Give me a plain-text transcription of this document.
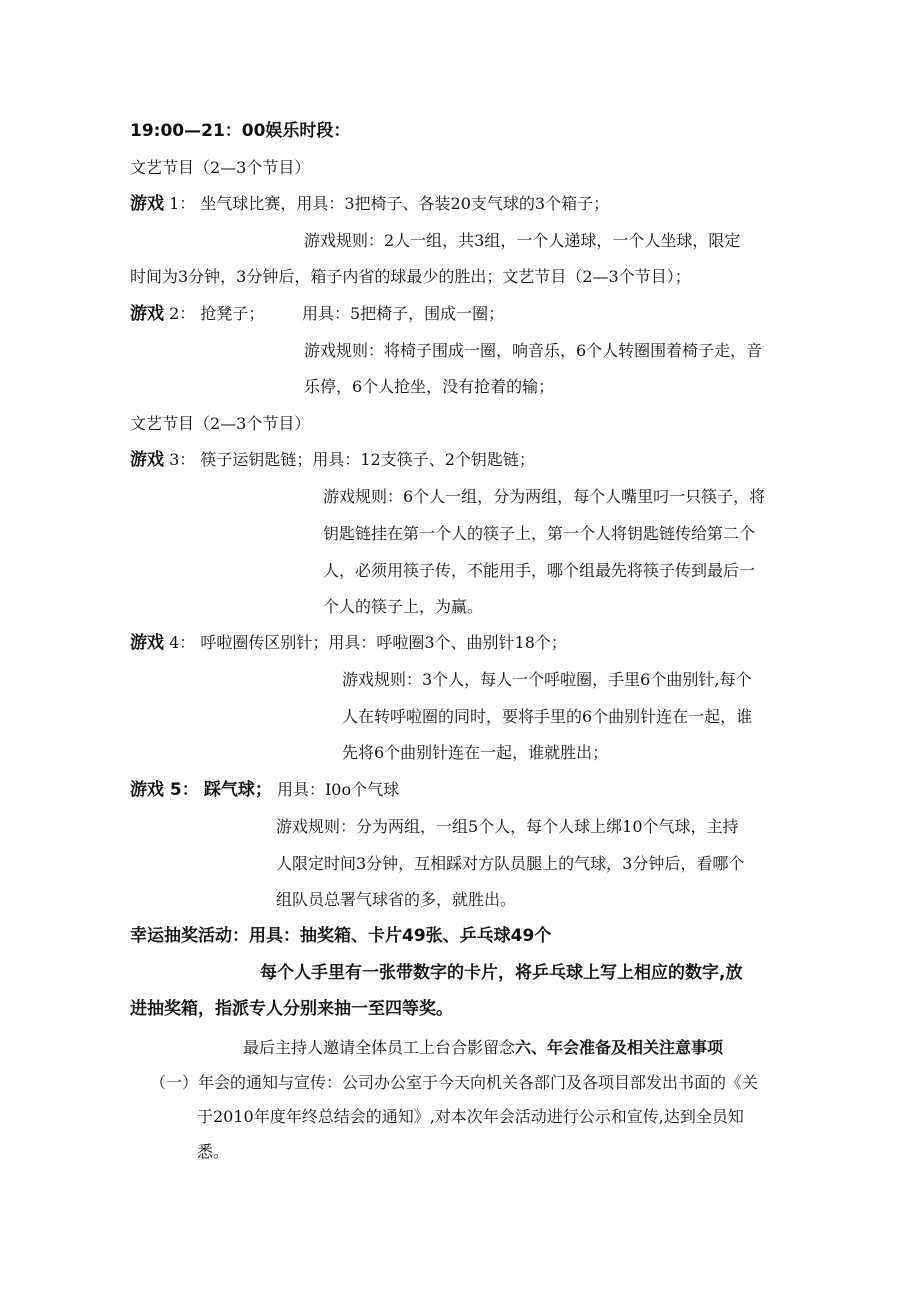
19:00—21：00娱乐时段：
文艺节目（2—3个节目）
游戏 1： 坐气球比赛，用具：3把椅子、各装20支气球的3个箱子；
游戏规则：2人一组，共3组，一个人递球，一个人坐球，限定
时间为3分钟，3分钟后，箱子内省的球最少的胜出；文艺节目（2—3个节目）；
游戏 2： 抢凳子； 用具：5把椅子，围成一圈；
游戏规则：将椅子围成一圈，响音乐，6个人转圈围着椅子走，音
乐停，6个人抢坐，没有抢着的输；
文艺节目（2—3个节目）
游戏 3： 筷子运钥匙链；用具：12支筷子、2个钥匙链；
游戏规则：6个人一组，分为两组，每个人嘴里叼一只筷子，将
钥匙链挂在第一个人的筷子上，第一个人将钥匙链传给第二个
人，必须用筷子传，不能用手，哪个组最先将筷子传到最后一
个人的筷子上，为赢。
游戏 4： 呼啦圈传区别针；用具：呼啦圈3个、曲别针18个；
游戏规则：3个人，每人一个呼啦圈，手里6个曲别针,每个
人在转呼啦圈的同时，要将手里的6个曲别针连在一起，谁
先将6个曲别针连在一起，谁就胜出；
游戏 5： 踩气球； 用具：I0o个气球
游戏规则：分为两组，一组5个人，每个人球上绑10个气球，主持
人限定时间3分钟，互相踩对方队员腿上的气球，3分钟后，看哪个
组队员总署气球省的多，就胜出。
幸运抽奖活动：用具：抽奖箱、卡片49张、乒乓球49个
每个人手里有一张带数字的卡片，将乒乓球上写上相应的数字,放
进抽奖箱，指派专人分别来抽一至四等奖。
最后主持人邀请全体员工上台合影留念六、年会准备及相关注意事项
（一）年会的通知与宣传：公司办公室于今天向机关各部门及各项目部发出书面的《关
于2010年度年终总结会的通知》,对本次年会活动进行公示和宣传,达到全员知
悉。
